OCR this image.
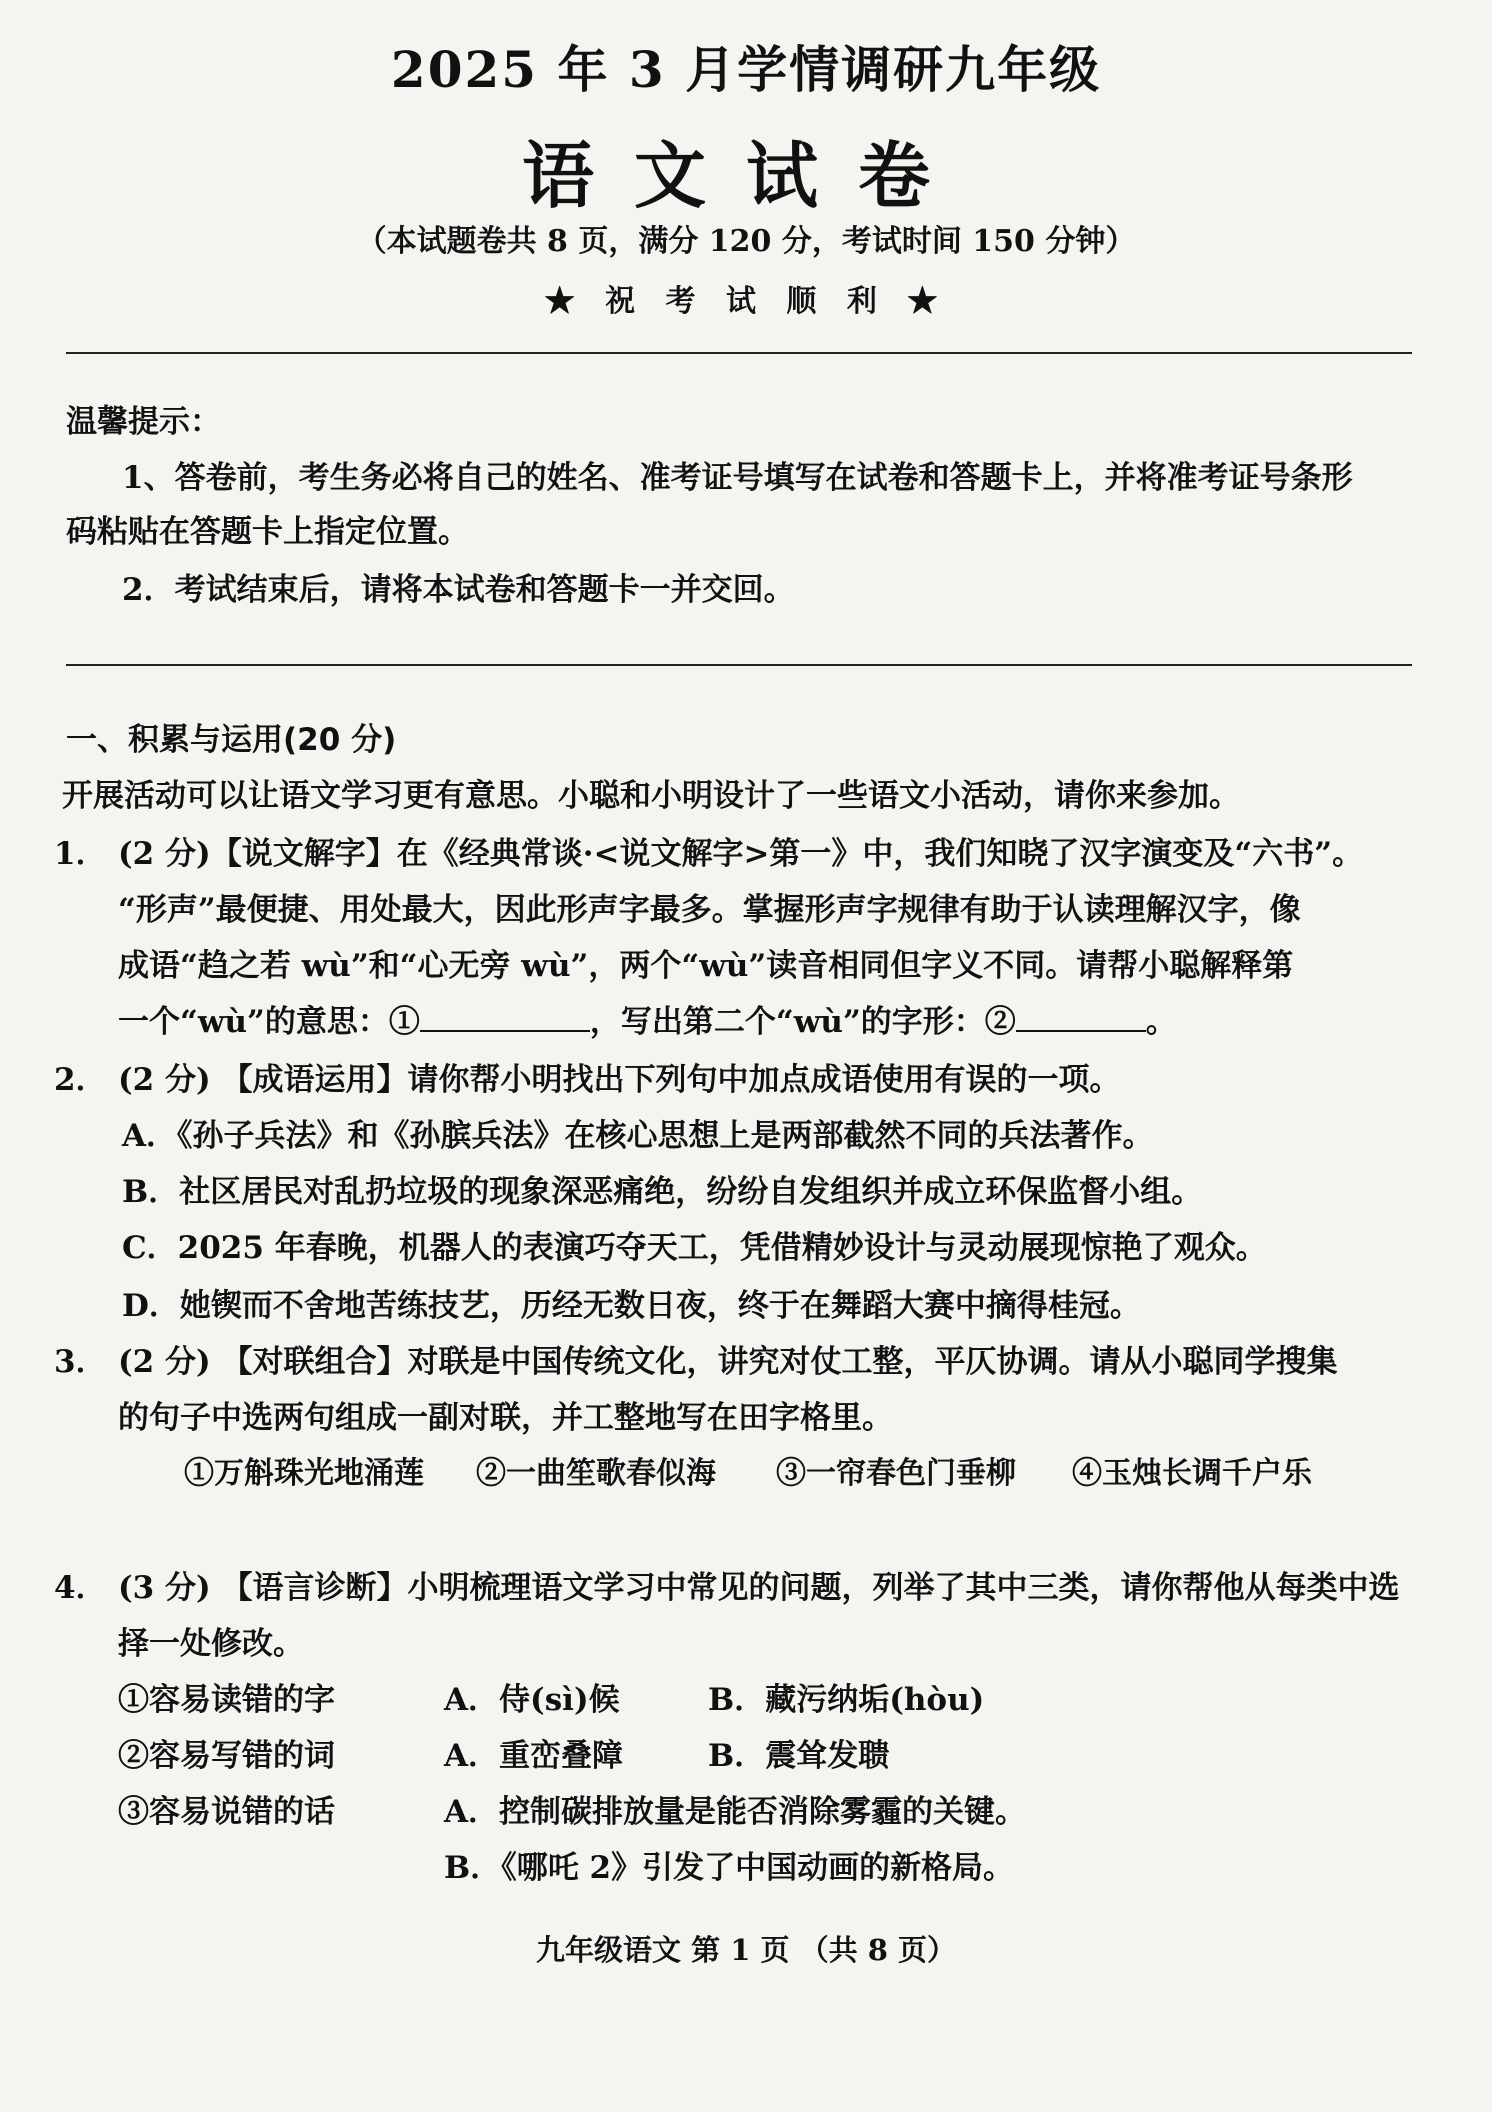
2025 年 3 月学情调研九年级
语文试卷
（本试题卷共 8 页，满分 120 分，考试时间 150 分钟）
★ 祝 考 试 顺 利 ★
温馨提示：
1、答卷前，考生务必将自己的姓名、准考证号填写在试卷和答题卡上，并将准考证号条形
码粘贴在答题卡上指定位置。
2．考试结束后，请将本试卷和答题卡一并交回。
一、积累与运用(20 分)
开展活动可以让语文学习更有意思。小聪和小明设计了一些语文小活动，请你来参加。
1． (2 分)【说文解字】在《经典常谈·<说文解字>第一》中，我们知晓了汉字演变及“六书”。
“形声”最便捷、用处最大，因此形声字最多。掌握形声字规律有助于认读理解汉字，像
成语“趋之若 wù”和“心无旁 wù”，两个“wù”读音相同但字义不同。请帮小聪解释第
一个“wù”的意思：①	，写出第二个“wù”的字形：②	。
2． (2 分) 【成语运用】请你帮小明找出下列句中加点成语使用有误的一项。
A．《孙子兵法》和《孙膑兵法》在核心思想上是两部截然不同的兵法著作。
B．社区居民对乱扔垃圾的现象深恶痛绝，纷纷自发组织并成立环保监督小组。
C．2025 年春晚，机器人的表演巧夺天工，凭借精妙设计与灵动展现惊艳了观众。
D．她锲而不舍地苦练技艺，历经无数日夜，终于在舞蹈大赛中摘得桂冠。
3． (2 分) 【对联组合】对联是中国传统文化，讲究对仗工整，平仄协调。请从小聪同学搜集
的句子中选两句组成一副对联，并工整地写在田字格里。
①万斛珠光地涌莲 ②一曲笙歌春似海 ③一帘春色门垂柳 ④玉烛长调千户乐
4． (3 分) 【语言诊断】小明梳理语文学习中常见的问题，列举了其中三类，请你帮他从每类中选
择一处修改。
①容易读错的字	A．侍(sì)候	B．藏污纳垢(hòu)
②容易写错的词	A．重峦叠障	B．震耸发聩
③容易说错的话	A．控制碳排放量是能否消除雾霾的关键。
B．《哪吒 2》引发了中国动画的新格局。
九年级语文 第 1 页 （共 8 页）
